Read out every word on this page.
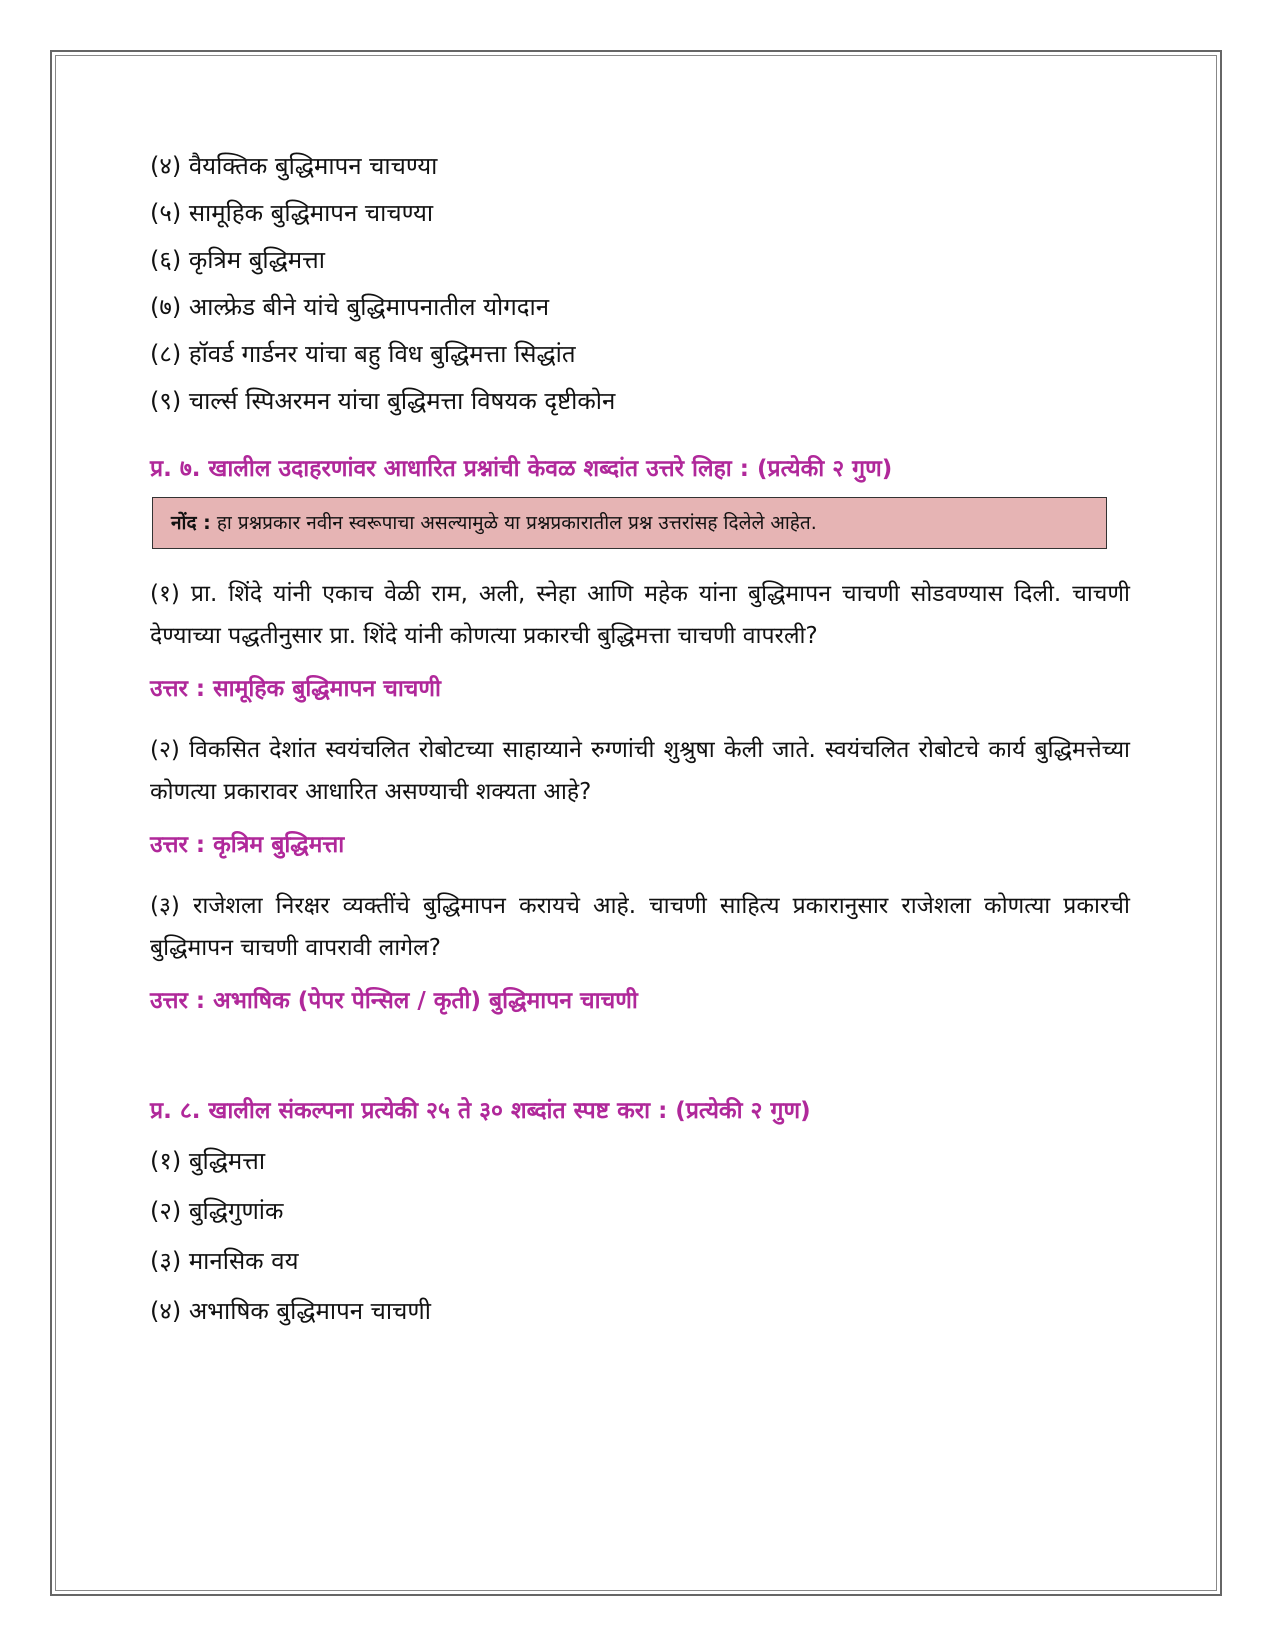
(४) वैयक्तिक बुद्धिमापन चाचण्या
(५) सामूहिक बुद्धिमापन चाचण्या
(६) कृत्रिम बुद्धिमत्ता
(७) आल्फ्रेड बीने यांचे बुद्धिमापनातील योगदान
(८) हॉवर्ड गार्डनर यांचा बहु विध बुद्धिमत्ता सिद्धांत
(९) चार्ल्स स्पिअरमन यांचा बुद्धिमत्ता विषयक दृष्टीकोन
प्र. ७. खालील उदाहरणांवर आधारित प्रश्नांची केवळ शब्दांत उत्तरे लिहा : (प्रत्येकी २ गुण)
नोंद : हा प्रश्नप्रकार नवीन स्वरूपाचा असल्यामुळे या प्रश्नप्रकारातील प्रश्न उत्तरांसह दिलेले आहेत.

(१) प्रा. शिंदे यांनी एकाच वेळी राम, अली, स्नेहा आणि महेक यांना बुद्धिमापन चाचणी सोडवण्यास दिली. चाचणी देण्याच्या पद्धतीनुसार प्रा. शिंदे यांनी कोणत्या प्रकारची बुद्धिमत्ता चाचणी वापरली?

उत्तर : सामूहिक बुद्धिमापन चाचणी

(२) विकसित देशांत स्वयंचलित रोबोटच्या साहाय्याने रुग्णांची शुश्रुषा केली जाते. स्वयंचलित रोबोटचे कार्य बुद्धिमत्तेच्या कोणत्या प्रकारावर आधारित असण्याची शक्यता आहे?

उत्तर : कृत्रिम बुद्धिमत्ता

(३) राजेशला निरक्षर व्यक्तींचे बुद्धिमापन करायचे आहे. चाचणी साहित्य प्रकारानुसार राजेशला कोणत्या प्रकारची बुद्धिमापन चाचणी वापरावी लागेल?

उत्तर : अभाषिक (पेपर पेन्सिल / कृती) बुद्धिमापन चाचणी
प्र. ८. खालील संकल्पना प्रत्येकी २५ ते ३० शब्दांत स्पष्ट करा : (प्रत्येकी २ गुण)
(१) बुद्धिमत्ता
(२) बुद्धिगुणांक
(३) मानसिक वय
(४) अभाषिक बुद्धिमापन चाचणी
